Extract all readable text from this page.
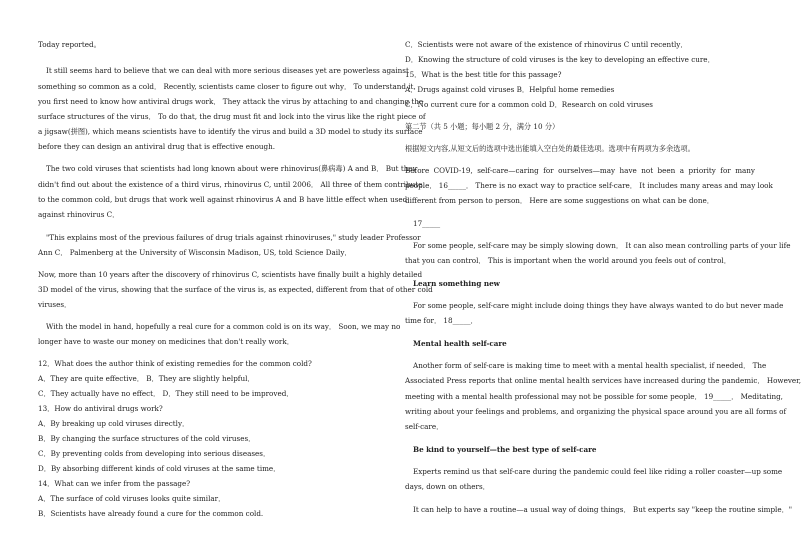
Today reported。
It still seems hard to believe that we can deal with more serious diseases yet are powerless against
something so common as a cold． Recently, scientists came closer to figure out why． To understand it,
you first need to know how antiviral drugs work． They attack the virus by attaching to and changing the
surface structures of the virus． To do that, the drug must fit and lock into the virus like the right piece of
a jigsaw(拼图), which means scientists have to identify the virus and build a 3D model to study its surface
before they can design an antiviral drug that is effective enough.
The two cold viruses that scientists had long known about were rhinovirus(鼻病毒) A and B． But they
didn't find out about the existence of a third virus, rhinovirus C, until 2006． All three of them contribute
to the common cold, but drugs that work well against rhinovirus A and B have little effect when used
against rhinovirus C．
"This explains most of the previous failures of drug trials against rhinoviruses," study leader Professor
Ann C． Palmenberg at the University of Wisconsin Madison, US, told Science Daily．
Now, more than 10 years after the discovery of rhinovirus C, scientists have finally built a highly detailed
3D model of the virus, showing that the surface of the virus is, as expected, different from that of other cold
viruses．
With the model in hand, hopefully a real cure for a common cold is on its way． Soon, we may no
longer have to waste our money on medicines that don't really work．
12．What does the author think of existing remedies for the common cold?
A．They are quite effective． B．They are slightly helpful．
C．They actually have no effect． D．They still need to be improved．
13．How do antiviral drugs work?
A．By breaking up cold viruses directly．
B．By changing the surface structures of the cold viruses．
C．By preventing colds from developing into serious diseases．
D．By absorbing different kinds of cold viruses at the same time．
14．What can we infer from the passage?
A．The surface of cold viruses looks quite similar．
B．Scientists have already found a cure for the common cold.
C．Scientists were not aware of the existence of rhinovirus C until recently．
D．Knowing the structure of cold viruses is the key to developing an effective cure．
15．What is the best title for this passage?
A．Drugs against cold viruses B．Helpful home remedies
C．No current cure for a common cold D．Research on cold viruses
第二节（共 5 小题；每小题 2 分，满分 10 分）
根据短文内容,从短文后的选项中选出能填入空白处的最佳选项。选项中有两项为多余选项。
Before COVID-19, self-care—caring for ourselves—may have not been a priority for many
people． 16_____． There is no exact way to practice self-care． It includes many areas and may look
different from person to person． Here are some suggestions on what can be done．
17_____
For some people, self-care may be simply slowing down． It can also mean controlling parts of your life
that you can control． This is important when the world around you feels out of control．
Learn something new
For some people, self-care might include doing things they have always wanted to do but never made
time for． 18_____．
Mental health self-care
Another form of self-care is making time to meet with a mental health specialist, if needed． The
Associated Press reports that online mental health services have increased during the pandemic． However,
meeting with a mental health professional may not be possible for some people． 19_____． Meditating,
writing about your feelings and problems, and organizing the physical space around you are all forms of
self-care．
Be kind to yourself—the best type of self-care
Experts remind us that self-care during the pandemic could feel like riding a roller coaster—up some
days, down on others．
It can help to have a routine—a usual way of doing things． But experts say "keep the routine simple．"
